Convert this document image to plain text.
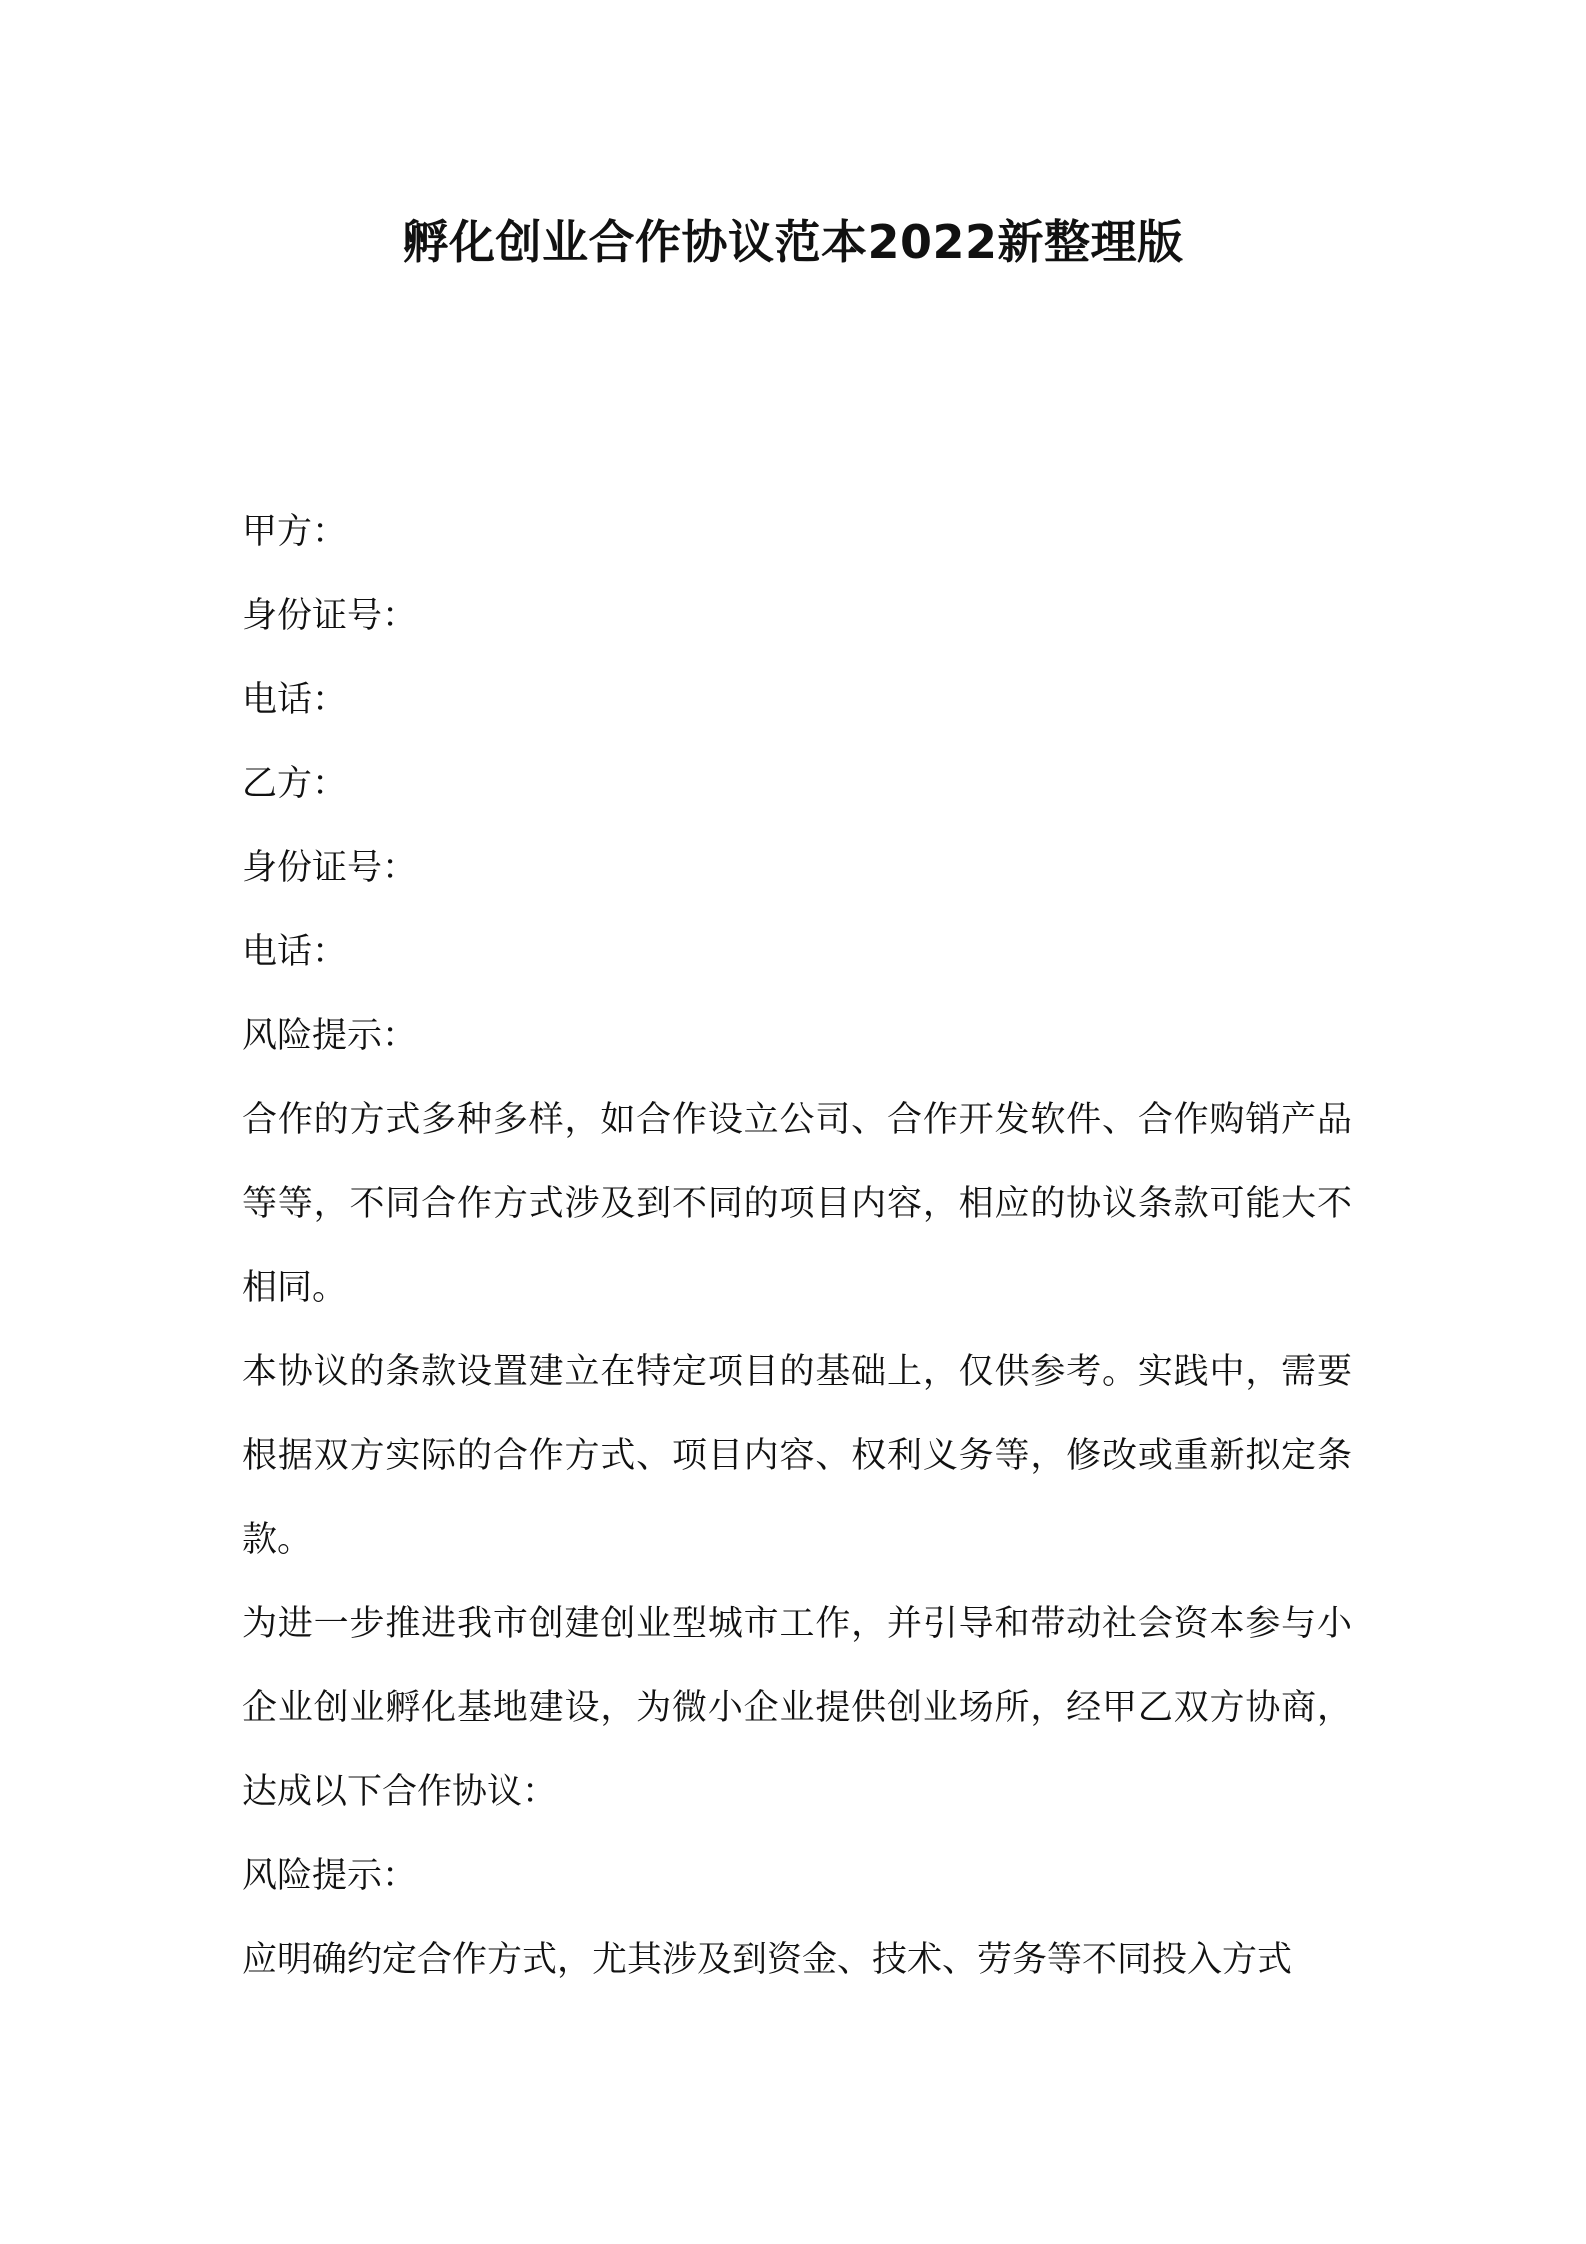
孵化创业合作协议范本2022新整理版

甲方：

身份证号：

电话：

乙方：

身份证号：

电话：

风险提示：

合作的方式多种多样，如合作设立公司、合作开发软件、合作购销产品等等，不同合作方式涉及到不同的项目内容，相应的协议条款可能大不相同。

本协议的条款设置建立在特定项目的基础上，仅供参考。实践中，需要根据双方实际的合作方式、项目内容、权利义务等，修改或重新拟定条款。

为进一步推进我市创建创业型城市工作，并引导和带动社会资本参与小企业创业孵化基地建设，为微小企业提供创业场所，经甲乙双方协商，达成以下合作协议：

风险提示：

应明确约定合作方式，尤其涉及到资金、技术、劳务等不同投入方式
